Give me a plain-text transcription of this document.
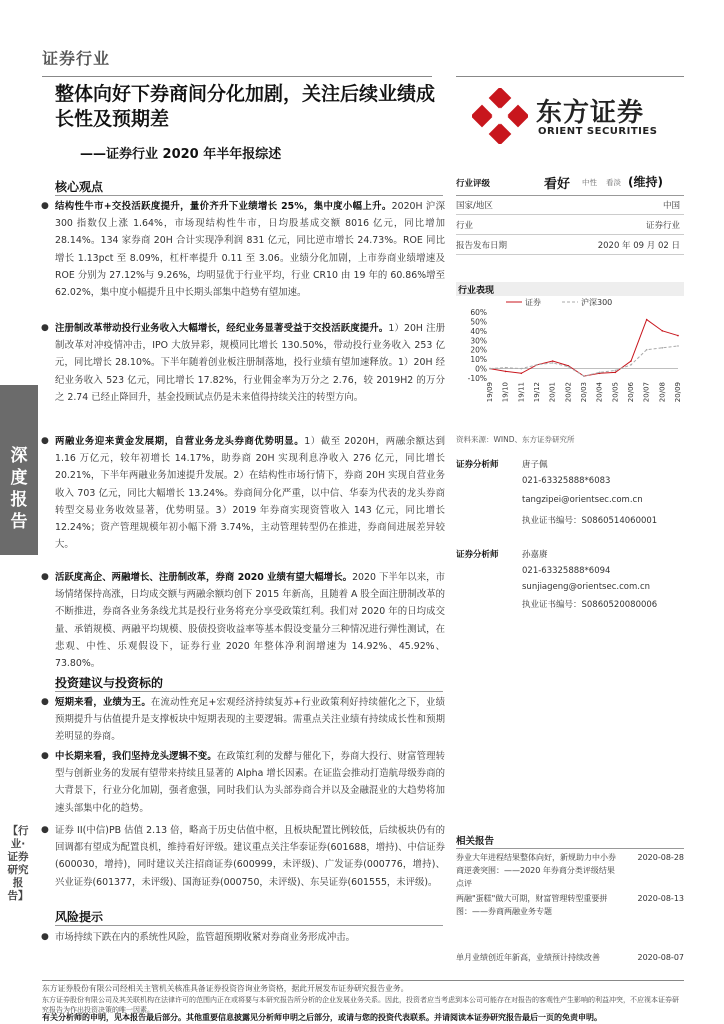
证券行业
整体向好下券商间分化加剧，关注后续业绩成长性及预期差
——证券行业 2020 年半年报综述
东方证券
ORIENT SECURITIES
深度报告
【行业·证券研究报告】
核心观点
● 结构性牛市+交投活跃度提升，量价齐升下业绩增长 25%，集中度小幅上升。2020H 沪深300 指数仅上涨 1.64%，市场现结构性牛市，日均股基成交额 8016 亿元，同比增加 28.14%。134 家券商 20H 合计实现净利润 831 亿元，同比逆市增长 24.73%。ROE 同比增长 1.13pct 至 8.09%，杠杆率提升 0.11 至 3.06。业绩分化加剧，上市券商业绩增速及 ROE 分别为 27.12%与 9.26%，均明显优于行业平均，行业 CR10 由 19 年的 60.86%增至 62.02%，集中度小幅提升且中长期头部集中趋势有望加速。
● 注册制改革带动投行业务收入大幅增长，经纪业务显著受益于交投活跃度提升。1）20H 注册制改革对冲疫情冲击，IPO 大放异彩，规模同比增长 130.50%，带动投行业务收入 253 亿元，同比增长 28.10%。下半年随着创业板注册制落地，投行业绩有望加速释放。1）20H 经纪业务收入 523 亿元，同比增长 17.82%，行业佣金率为万分之 2.76，较 2019H2 的万分之 2.74 已经止降回升，基金投顾试点仍是未来值得持续关注的转型方向。
● 两融业务迎来黄金发展期，自营业务龙头券商优势明显。1）截至 2020H，两融余额达到 1.16 万亿元，较年初增长 14.17%，助券商 20H 实现利息净收入 276 亿元，同比增长 20.21%，下半年两融业务加速提升发展。2）在结构性市场行情下，券商 20H 实现自营业务收入 703 亿元，同比大幅增长 13.24%。券商间分化严重，以中信、华泰为代表的龙头券商转型交易业务收效显著，优势明显。3）2019 年券商实现资管收入 143 亿元，同比增长 12.24%；资产管理规模年初小幅下滑 3.74%，主动管理转型仍在推进，券商间进展差异较大。
● 活跃度高企、两融增长、注册制改革，券商 2020 业绩有望大幅增长。2020 下半年以来，市场情绪保持高涨，日均成交额与两融余额均创下 2015 年新高，且随着 A 股全面注册制改革的不断推进，券商各业务条线尤其是投行业务将充分享受政策红利。我们对 2020 年的日均成交量、承销规模、两融平均规模、股债投资收益率等基本假设变量分三种情况进行弹性测试，在悲观、中性、乐观假设下，证券行业 2020 年整体净利润增速为 14.92%、45.92%、73.80%。
投资建议与投资标的
● 短期来看，业绩为王。在流动性充足+宏观经济持续复苏+行业政策利好持续催化之下，业绩预期提升与估值提升是支撑板块中短期表现的主要逻辑。需重点关注业绩有持续成长性和预期差明显的券商。
● 中长期来看，我们坚持龙头逻辑不变。在政策红利的发酵与催化下，券商大投行、财富管理转型与创新业务的发展有望带来持续且显著的 Alpha 增长因素。在证监会推动打造航母级券商的大背景下，行业分化加剧，强者愈强，同时我们认为头部券商合并以及金融混业的大趋势将加速头部集中化的趋势。
● 证券 II(中信)PB 估值 2.13 倍，略高于历史估值中枢，且板块配置比例较低，后续板块仍有的回调都有望成为配置良机，维持看好评级。建议重点关注华泰证券(601688，增持)、中信证券(600030，增持)，同时建议关注招商证券(600999，未评级)、广发证券(000776，增持)、兴业证券(601377，未评级)、国海证券(000750，未评级)、东吴证券(601555，未评级)。
风险提示
● 市场持续下跌在内的系统性风险，监管超预期收紧对券商业务形成冲击。
行业评级	看好 中性 看淡 (维持)
国家/地区	中国
行业	证券行业
报告发布日期	2020 年 09 月 02 日
行业表现
60%
50%
40%
30%
20%
10%
0%
-10%
19/09 19/10 19/11 19/12 20/01 20/02 20/03 20/04 20/05 20/06 20/07 20/08 20/09
证券	沪深300
资料来源：WIND、东方证券研究所
证券分析师	唐子佩
021-63325888*6083
tangzipei@orientsec.com.cn
执业证书编号：S0860514060001
证券分析师	孙嘉赓
021-63325888*6094
sunjiageng@orientsec.com.cn
执业证书编号：S0860520080006
相关报告
券业大年进程结果整体向好，新规助力中小券商逆袭突围：——2020 年券商分类评级结果点评
2020-08-28
两融"蛋糕"做大可期，财富管理转型重要拼图：——券商两融业务专题
2020-08-13
单月业绩创近年新高，业绩预计持续改善	2020-08-07
东方证券股份有限公司经相关主管机关核准具备证券投资咨询业务资格，据此开展发布证券研究报告业务。
东方证券股份有限公司及其关联机构在法律许可的范围内正在或将要与本研究报告所分析的企业发展业务关系。因此，投资者应当考虑到本公司可能存在对报告的客观性产生影响的利益冲突，不应视本证券研究报告为作出投资决策的唯一因素。
有关分析师的申明，见本报告最后部分。其他重要信息披露见分析师申明之后部分，或请与您的投资代表联系。并请阅读本证券研究报告最后一页的免责申明。
